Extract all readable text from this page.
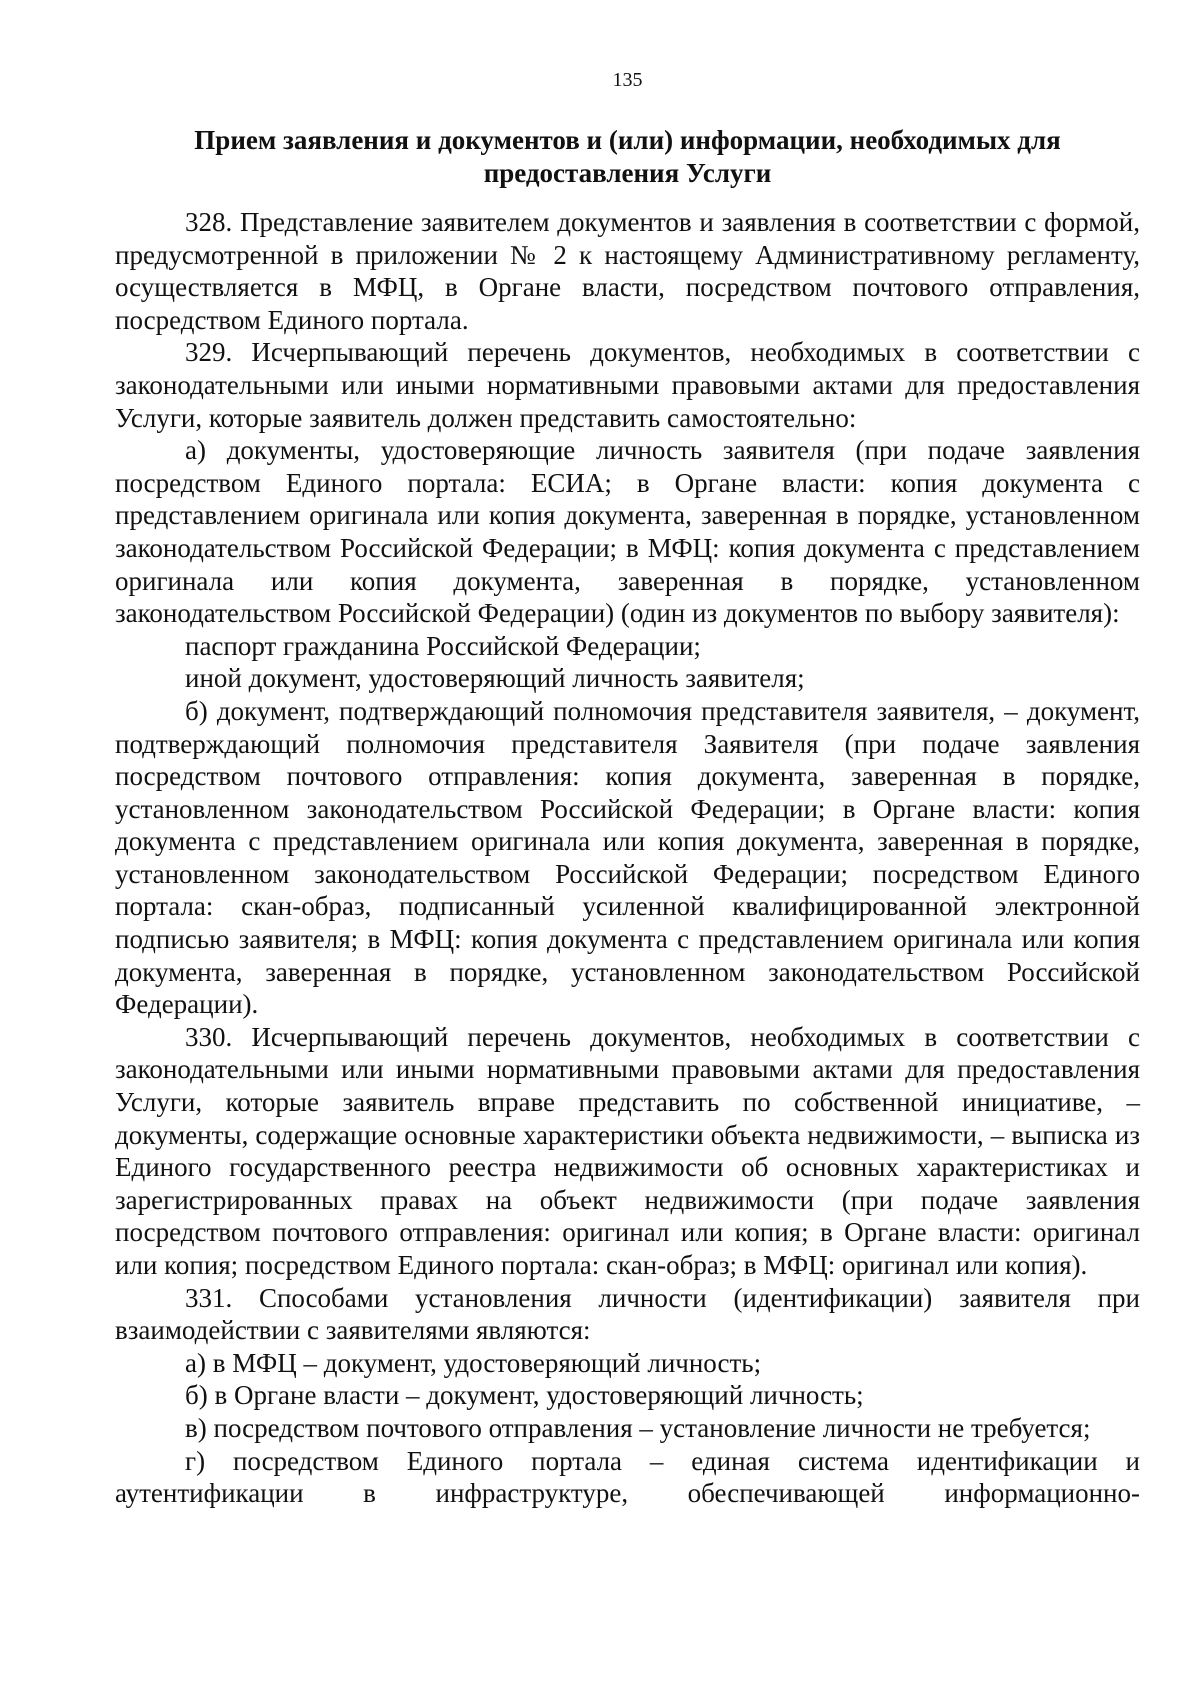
135
Прием заявления и документов и (или) информации, необходимых для
предоставления Услуги

328. Представление заявителем документов и заявления в соответствии с формой, предусмотренной в приложении № 2 к настоящему Административному регламенту, осуществляется в МФЦ, в Органе власти, посредством почтового отправления, посредством Единого портала.

329. Исчерпывающий перечень документов, необходимых в соответствии с законодательными или иными нормативными правовыми актами для предоставления Услуги, которые заявитель должен представить самостоятельно:

а) документы, удостоверяющие личность заявителя (при подаче заявления посредством Единого портала: ЕСИА; в Органе власти: копия документа с представлением оригинала или копия документа, заверенная в порядке, установленном законодательством Российской Федерации; в МФЦ: копия документа с представлением оригинала или копия документа, заверенная в порядке, установленном законодательством Российской Федерации) (один из документов по выбору заявителя):

паспорт гражданина Российской Федерации;

иной документ, удостоверяющий личность заявителя;

б) документ, подтверждающий полномочия представителя заявителя, – документ, подтверждающий полномочия представителя Заявителя (при подаче заявления посредством почтового отправления: копия документа, заверенная в порядке, установленном законодательством Российской Федерации; в Органе власти: копия документа с представлением оригинала или копия документа, заверенная в порядке, установленном законодательством Российской Федерации; посредством Единого портала: скан-образ, подписанный усиленной квалифицированной электронной подписью заявителя; в МФЦ: копия документа с представлением оригинала или копия документа, заверенная в порядке, установленном законодательством Российской Федерации).

330. Исчерпывающий перечень документов, необходимых в соответствии с законодательными или иными нормативными правовыми актами для предоставления Услуги, которые заявитель вправе представить по собственной инициативе, – документы, содержащие основные характеристики объекта недвижимости, – выписка из Единого государственного реестра недвижимости об основных характеристиках и зарегистрированных правах на объект недвижимости (при подаче заявления посредством почтового отправления: оригинал или копия; в Органе власти: оригинал или копия; посредством Единого портала: скан-образ; в МФЦ: оригинал или копия).

331. Способами установления личности (идентификации) заявителя при взаимодействии с заявителями являются:

а) в МФЦ – документ, удостоверяющий личность;

б) в Органе власти – документ, удостоверяющий личность;

в) посредством почтового отправления – установление личности не требуется;

г) посредством Единого портала – единая система идентификации и аутентификации в инфраструктуре, обеспечивающей информационно-
